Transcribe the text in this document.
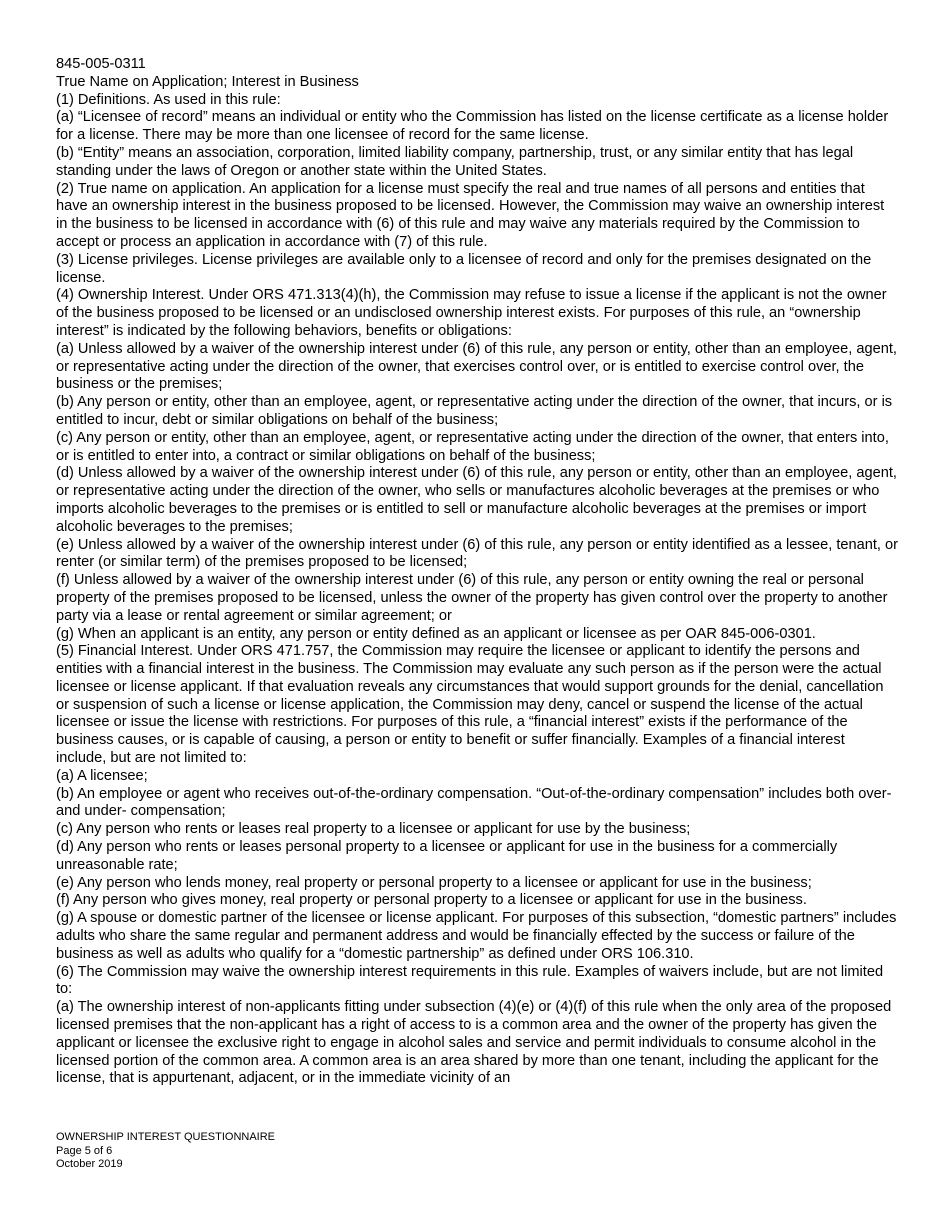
845-005-0311

True Name on Application; Interest in Business

(1) Definitions. As used in this rule:

(a) “Licensee of record” means an individual or entity who the Commission has listed on the license certificate as a license holder for a license. There may be more than one licensee of record for the same license.

(b) “Entity” means an association, corporation, limited liability company, partnership, trust, or any similar entity that has legal standing under the laws of Oregon or another state within the United States.

(2) True name on application. An application for a license must specify the real and true names of all persons and entities that have an ownership interest in the business proposed to be licensed. However, the Commission may waive an ownership interest in the business to be licensed in accordance with (6) of this rule and may waive any materials required by the Commission to accept or process an application in accordance with (7) of this rule.

(3) License privileges. License privileges are available only to a licensee of record and only for the premises designated on the license.

(4) Ownership Interest. Under ORS 471.313(4)(h), the Commission may refuse to issue a license if the applicant is not the owner of the business proposed to be licensed or an undisclosed ownership interest exists. For purposes of this rule, an “ownership interest” is indicated by the following behaviors, benefits or obligations:

(a) Unless allowed by a waiver of the ownership interest under (6) of this rule, any person or entity, other than an employee, agent, or representative acting under the direction of the owner, that exercises control over, or is entitled to exercise control over, the business or the premises;

(b) Any person or entity, other than an employee, agent, or representative acting under the direction of the owner, that incurs, or is entitled to incur, debt or similar obligations on behalf of the business;

(c) Any person or entity, other than an employee, agent, or representative acting under the direction of the owner, that enters into, or is entitled to enter into, a contract or similar obligations on behalf of the business;

(d) Unless allowed by a waiver of the ownership interest under (6) of this rule, any person or entity, other than an employee, agent, or representative acting under the direction of the owner, who sells or manufactures alcoholic beverages at the premises or who imports alcoholic beverages to the premises or is entitled to sell or manufacture alcoholic beverages at the premises or import alcoholic beverages to the premises;

(e) Unless allowed by a waiver of the ownership interest under (6) of this rule, any person or entity identified as a lessee, tenant, or renter (or similar term) of the premises proposed to be licensed;

(f) Unless allowed by a waiver of the ownership interest under (6) of this rule, any person or entity owning the real or personal property of the premises proposed to be licensed, unless the owner of the property has given control over the property to another party via a lease or rental agreement or similar agreement; or

(g) When an applicant is an entity, any person or entity defined as an applicant or licensee as per OAR 845-006-0301.

(5) Financial Interest. Under ORS 471.757, the Commission may require the licensee or applicant to identify the persons and entities with a financial interest in the business. The Commission may evaluate any such person as if the person were the actual licensee or license applicant. If that evaluation reveals any circumstances that would support grounds for the denial, cancellation or suspension of such a license or license application, the Commission may deny, cancel or suspend the license of the actual licensee or issue the license with restrictions. For purposes of this rule, a “financial interest” exists if the performance of the business causes, or is capable of causing, a person or entity to benefit or suffer financially. Examples of a financial interest include, but are not limited to:

(a) A licensee;

(b) An employee or agent who receives out-of-the-ordinary compensation. “Out-of-the-ordinary compensation” includes both over- and under- compensation;

(c) Any person who rents or leases real property to a licensee or applicant for use by the business;

(d) Any person who rents or leases personal property to a licensee or applicant for use in the business for a commercially unreasonable rate;

(e) Any person who lends money, real property or personal property to a licensee or applicant for use in the business;

(f) Any person who gives money, real property or personal property to a licensee or applicant for use in the business.

(g) A spouse or domestic partner of the licensee or license applicant. For purposes of this subsection, “domestic partners” includes adults who share the same regular and permanent address and would be financially effected by the success or failure of the business as well as adults who qualify for a “domestic partnership” as defined under ORS 106.310.

(6) The Commission may waive the ownership interest requirements in this rule. Examples of waivers include, but are not limited to:

(a) The ownership interest of non-applicants fitting under subsection (4)(e) or (4)(f) of this rule when the only area of the proposed licensed premises that the non-applicant has a right of access to is a common area and the owner of the property has given the applicant or licensee the exclusive right to engage in alcohol sales and service and permit individuals to consume alcohol in the licensed portion of the common area. A common area is an area shared by more than one tenant, including the applicant for the license, that is appurtenant, adjacent, or in the immediate vicinity of an

OWNERSHIP INTEREST QUESTIONNAIRE
Page 5 of 6
October 2019
